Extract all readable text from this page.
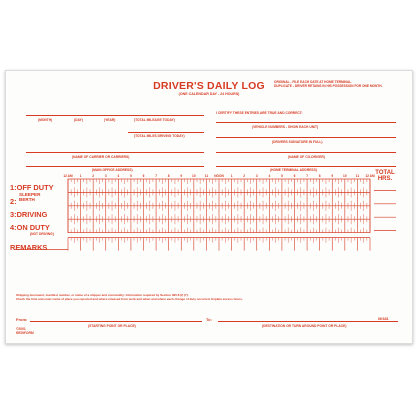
DRIVER'S DAILY LOG
(ONE CALENDAR DAY - 24 HOURS)
ORIGINAL - FILE EACH DATE AT HOME TERMINAL.
DUPLICATE - DRIVER RETAINS IN HIS POSSESSION FOR ONE MONTH.
(MONTH)	(DAY)	(YEAR)	(TOTAL MILEAGE TODAY)
I CERTIFY THESE ENTRIES ARE TRUE AND CORRECT:
(VEHICLE NUMBERS - SHOW EACH UNIT)
(TOTAL MILES DRIVING TODAY)
(DRIVERS SIGNATURE IN FULL)
(NAME OF CARRIER OR CARRIERS)	(NAME OF CO-DRIVER)
(MAIN OFFICE ADDRESS)	(HOME TERMINAL ADDRESS)	TOTAL HRS.
1:OFF DUTY
2:
SLEEPER
BERTH
3:DRIVING
4:ON DUTY
(NOT DRIVING)
REMARKS
12 AM 1	2	3	4	5	6	7	8	9	10	11 NOON 1	2	3	4	5	6	7	8	9	10	11 12 AM
Shipping document, manifest number, or name of a shipper and commodity: information required by Section 395.8 (f) (7).
Check the time and enter name of place you reported and where released from work and when and where each change of duty occurred. Explain excess hours.
From:
(STARTING POINT OR PLACE)
To:
(DESTINATION OR TURN AROUND POINT OR PLACE)
©2001
REDIFORM
6K681
